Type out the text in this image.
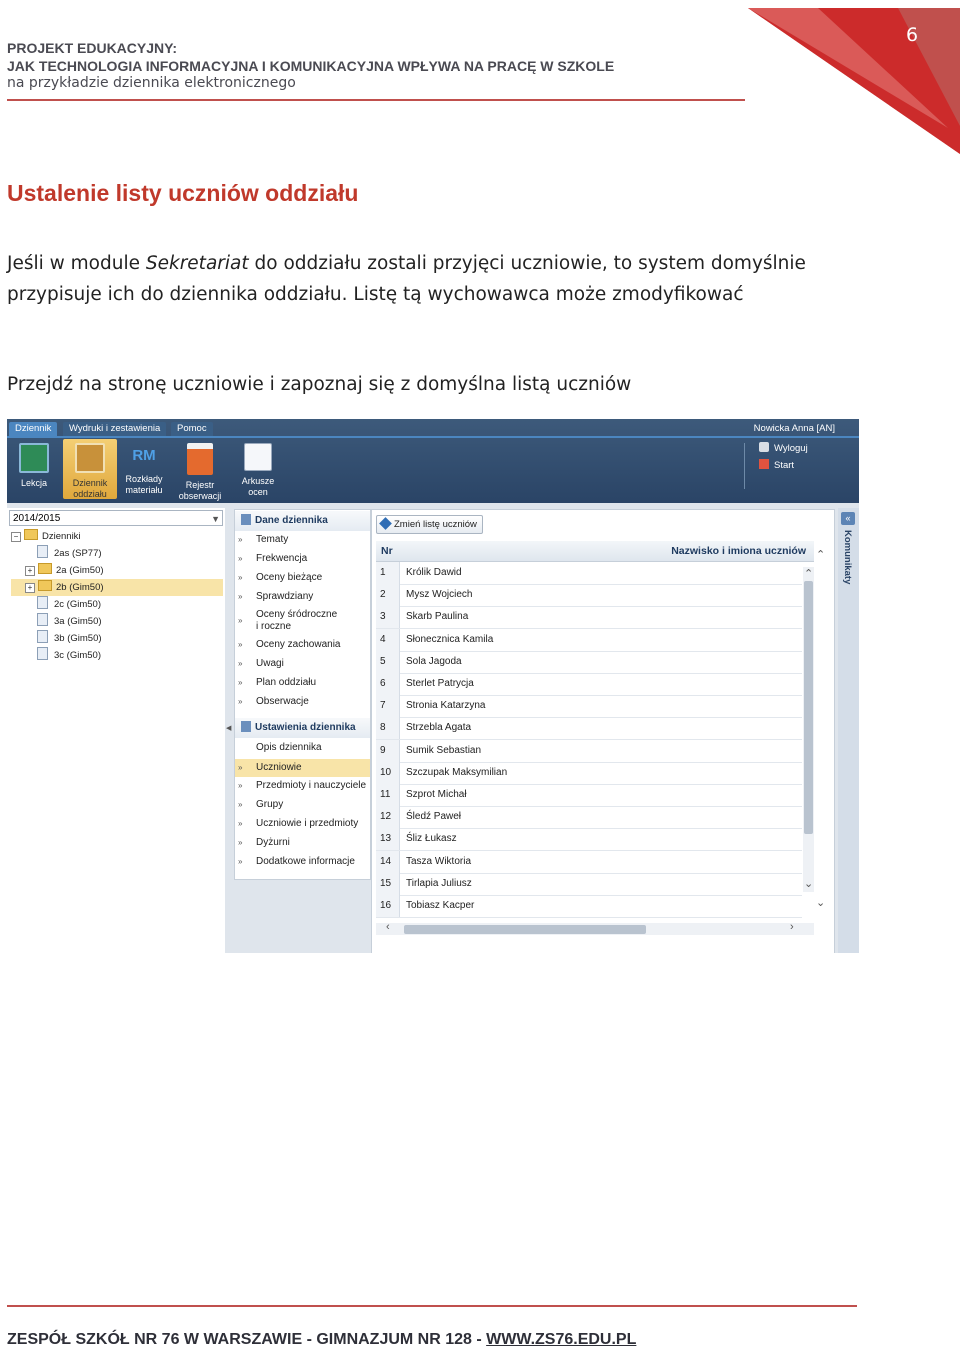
PROJEKT EDUKACYJNY:
JAK TECHNOLOGIA INFORMACYJNA I KOMUNIKACYJNA WPŁYWA NA PRACĘ W SZKOLE
na przykładzie dziennika elektronicznego
6
Ustalenie listy uczniów oddziału
Jeśli w module Sekretariat do oddziału zostali przyjęci uczniowie, to system domyślnie
przypisuje ich do dziennika oddziału. Listę tą wychowawca może zmodyfikować
Przejdź na stronę uczniowie i zapoznaj się z domyślna listą uczniów
Dziennik	Wydruki i zestawienia	Pomoc	Nowicka Anna [AN]
Wyloguj
Start
Lekcja	Dziennik
oddziału
RM
Rozkłady
materiału	Rejestr
obserwacji
Arkusze
ocen
2014/2015	▼
− Dzienniki
2as (SP77)
+ 2a (Gim50)
+ 2b (Gim50)
2c (Gim50)
3a (Gim50)
3b (Gim50)
3c (Gim50)
◀
Dane dziennika
» Tematy
» Frekwencja
» Oceny bieżące
» Sprawdziany
»
Oceny śródroczne
i roczne
» Oceny zachowania
» Uwagi
» Plan oddziału
» Obserwacje
Ustawienia dziennika
Opis dziennika
» Uczniowie
» Przedmioty i nauczyciele
» Grupy
» Uczniowie i przedmioty
» Dyżurni
» Dodatkowe informacje
Zmień listę uczniów
Nr	Nazwisko i imiona uczniów ⌃
1	Królik Dawid
2	Mysz Wojciech
3	Skarb Paulina
4	Słonecznica Kamila
5	Sola Jagoda
6	Sterlet Patrycja
7	Stronia Katarzyna
8	Strzebla Agata
9	Sumik Sebastian
10	Szczupak Maksymilian
11	Szprot Michał
12	Śledź Paweł
13	Śliz Łukasz
14	Tasza Wiktoria
15	Tirlapia Juliusz
16	Tobiasz Kacper
⌃
⌄
⌄
‹	›
«
Komunikaty
ZESPÓŁ SZKÓŁ NR 76 W WARSZAWIE - GIMNAZJUM NR 128 - WWW.ZS76.EDU.PL
